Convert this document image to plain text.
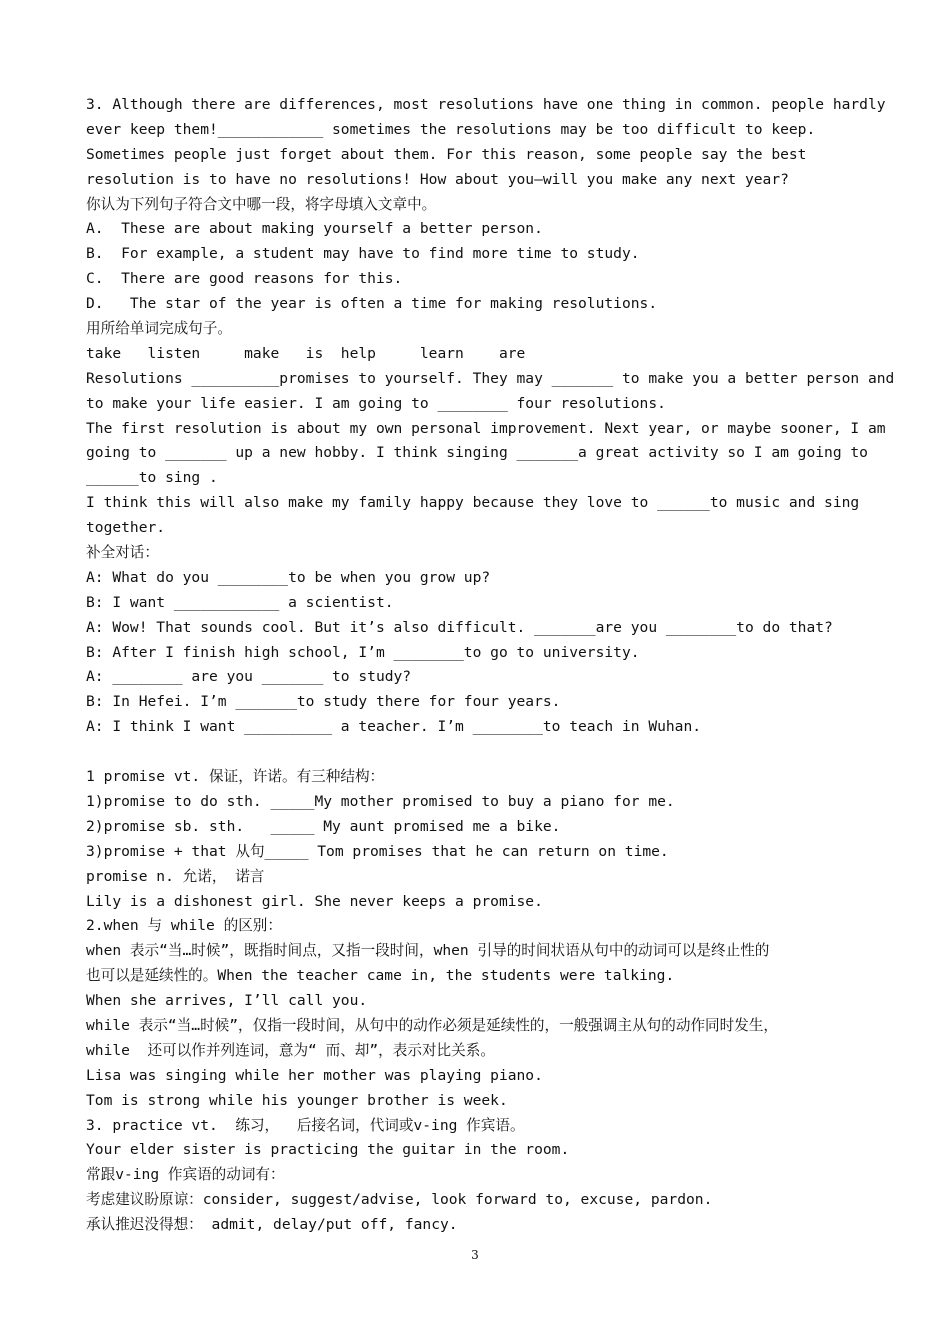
3. Although there are differences, most resolutions have one thing in common. people hardly
ever keep them!____________ sometimes the resolutions may be too difficult to keep.
Sometimes people just forget about them. For this reason, some people say the best
resolution is to have no resolutions! How about you—will you make any next year?
你认为下列句子符合文中哪一段，将字母填入文章中。
A.  These are about making yourself a better person.
B.  For example, a student may have to find more time to study.
C.  There are good reasons for this.
D.   The star of the year is often a time for making resolutions.
用所给单词完成句子。
take   listen     make   is  help     learn    are
Resolutions __________promises to yourself. They may _______ to make you a better person and
to make your life easier. I am going to ________ four resolutions.
The first resolution is about my own personal improvement. Next year, or maybe sooner, I am
going to _______ up a new hobby. I think singing _______a great activity so I am going to
______to sing .
I think this will also make my family happy because they love to ______to music and sing
together.
补全对话：
A: What do you ________to be when you grow up?
B: I want ____________ a scientist.
A: Wow! That sounds cool. But it’s also difficult. _______are you ________to do that?
B: After I finish high school, I’m ________to go to university.
A: ________ are you _______ to study?
B: In Hefei. I’m _______to study there for four years.
A: I think I want __________ a teacher. I’m ________to teach in Wuhan.
1 promise vt. 保证，许诺。有三种结构：
1)promise to do sth. _____My mother promised to buy a piano for me.
2)promise sb. sth.   _____ My aunt promised me a bike.
3)promise + that 从句_____ Tom promises that he can return on time.
promise n. 允诺， 诺言
Lily is a dishonest girl. She never keeps a promise.
2.when 与 while 的区别：
when 表示“当…时候”，既指时间点，又指一段时间，when 引导的时间状语从句中的动词可以是终止性的
也可以是延续性的。When the teacher came in, the students were talking.
When she arrives, I’ll call you.
while 表示“当…时候”，仅指一段时间，从句中的动作必须是延续性的，一般强调主从句的动作同时发生，
while  还可以作并列连词，意为“ 而、却”，表示对比关系。
Lisa was singing while her mother was playing piano.
Tom is strong while his younger brother is week.
3. practice vt.  练习，  后接名词，代词或v-ing 作宾语。
Your elder sister is practicing the guitar in the room.
常跟v-ing 作宾语的动词有：
考虑建议盼原谅：consider, suggest/advise, look forward to, excuse, pardon.
承认推迟没得想： admit, delay/put off, fancy.
3
